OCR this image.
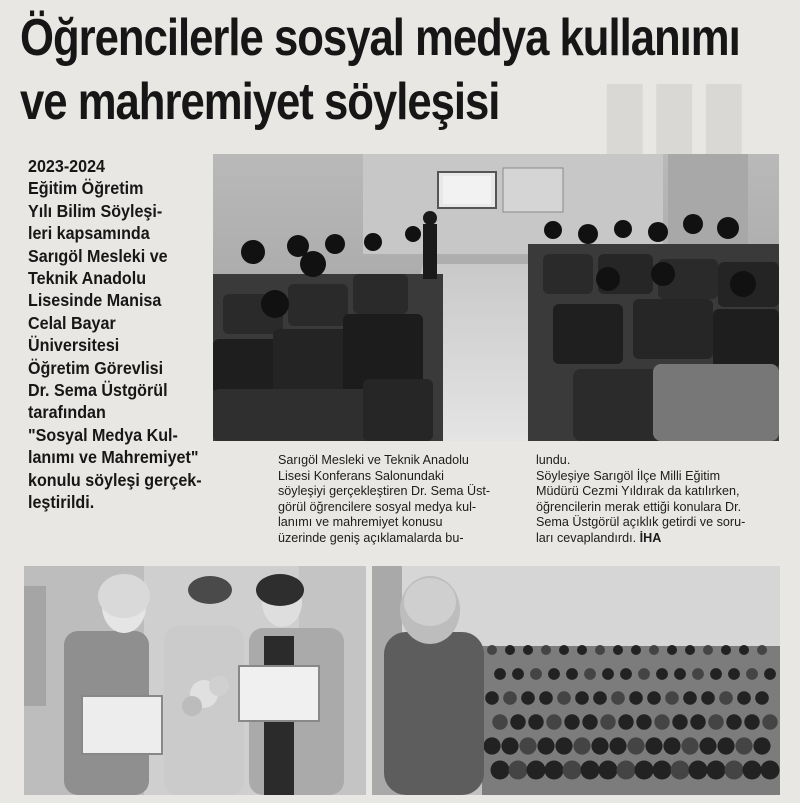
▮▮▮
Öğrencilerle sosyal medya kullanımı
ve mahremiyet söyleşisi
2023-2024
Eğitim Öğretim
Yılı Bilim Söyleşi-
leri kapsamında
Sarıgöl Mesleki ve
Teknik Anadolu
Lisesinde Manisa
Celal Bayar
Üniversitesi
Öğretim Görevlisi
Dr. Sema Üstgörül
tarafından
"Sosyal Medya Kul-
lanımı ve Mahremiyet"
konulu söyleşi gerçek-
leştirildi.
Sarıgöl Mesleki ve Teknik Anadolu
Lisesi Konferans Salonundaki
söyleşiyi gerçekleştiren Dr. Sema Üst-
görül öğrencilere sosyal medya kul-
lanımı ve mahremiyet konusu
üzerinde geniş açıklamalarda bu-
lundu.
Söyleşiye Sarıgöl İlçe Milli Eğitim
Müdürü Cezmi Yıldırak da katılırken,
öğrencilerin merak ettiği konulara Dr.
Sema Üstgörül açıklık getirdi ve soru-
ları cevaplandırdı. İHA
